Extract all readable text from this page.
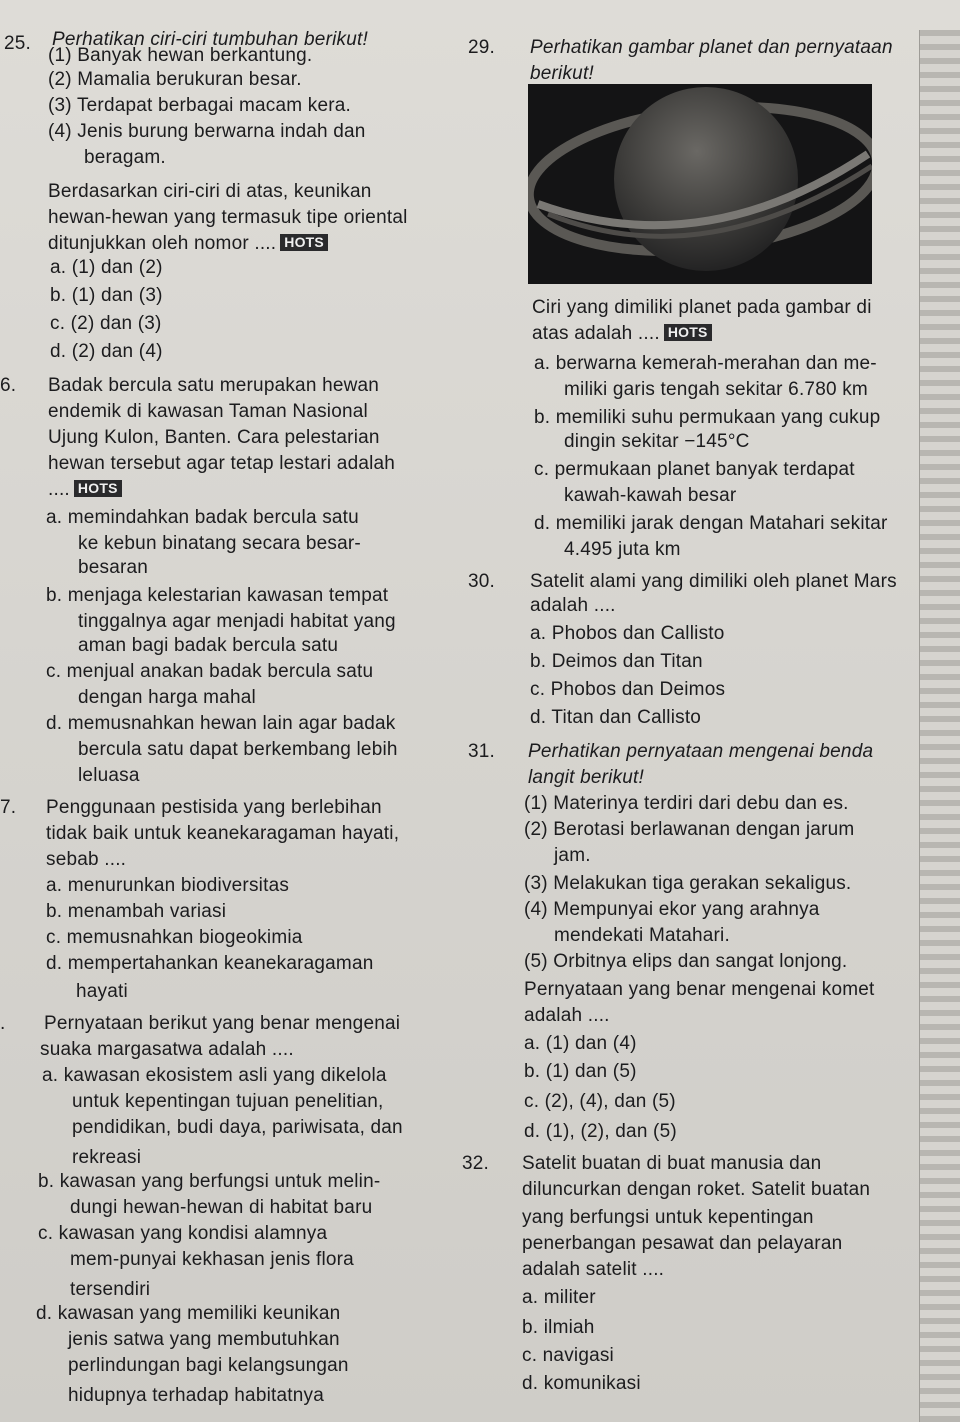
25. Perhatikan ciri-ciri tumbuhan berikut!
(1) Banyak hewan berkantung.
(2) Mamalia berukuran besar.
(3) Terdapat berbagai macam kera.
(4) Jenis burung berwarna indah dan
beragam.
Berdasarkan ciri-ciri di atas, keunikan
hewan-hewan yang termasuk tipe oriental
ditunjukkan oleh nomor .... HOTS
a. (1) dan (2)
b. (1) dan (3)
c. (2) dan (3)
d. (2) dan (4)
6. Badak bercula satu merupakan hewan
endemik di kawasan Taman Nasional
Ujung Kulon, Banten. Cara pelestarian
hewan tersebut agar tetap lestari adalah
.... HOTS
a. memindahkan badak bercula satu
ke kebun binatang secara besar-
besaran
b. menjaga kelestarian kawasan tempat
tinggalnya agar menjadi habitat yang
aman bagi badak bercula satu
c. menjual anakan badak bercula satu
dengan harga mahal
d. memusnahkan hewan lain agar badak
bercula satu dapat berkembang lebih
leluasa
7. Penggunaan pestisida yang berlebihan
tidak baik untuk keanekaragaman hayati,
sebab ....
a. menurunkan biodiversitas
b. menambah variasi
c. memusnahkan biogeokimia
d. mempertahankan keanekaragaman
hayati
. Pernyataan berikut yang benar mengenai
suaka margasatwa adalah ....
a. kawasan ekosistem asli yang dikelola
untuk kepentingan tujuan penelitian,
pendidikan, budi daya, pariwisata, dan
rekreasi
b. kawasan yang berfungsi untuk melin-
dungi hewan-hewan di habitat baru
c. kawasan yang kondisi alamnya
mem-punyai kekhasan jenis flora
tersendiri
d. kawasan yang memiliki keunikan
jenis satwa yang membutuhkan
perlindungan bagi kelangsungan
hidupnya terhadap habitatnya
29. Perhatikan gambar planet dan pernyataan
berikut!
Ciri yang dimiliki planet pada gambar di
atas adalah .... HOTS
a. berwarna kemerah-merahan dan me-
miliki garis tengah sekitar 6.780 km
b. memiliki suhu permukaan yang cukup
dingin sekitar −145°C
c. permukaan planet banyak terdapat
kawah-kawah besar
d. memiliki jarak dengan Matahari sekitar
4.495 juta km
30. Satelit alami yang dimiliki oleh planet Mars
adalah ....
a. Phobos dan Callisto
b. Deimos dan Titan
c. Phobos dan Deimos
d. Titan dan Callisto
31. Perhatikan pernyataan mengenai benda
langit berikut!
(1) Materinya terdiri dari debu dan es.
(2) Berotasi berlawanan dengan jarum
jam.
(3) Melakukan tiga gerakan sekaligus.
(4) Mempunyai ekor yang arahnya
mendekati Matahari.
(5) Orbitnya elips dan sangat lonjong.
Pernyataan yang benar mengenai komet
adalah ....
a. (1) dan (4)
b. (1) dan (5)
c. (2), (4), dan (5)
d. (1), (2), dan (5)
32. Satelit buatan di buat manusia dan
diluncurkan dengan roket. Satelit buatan
yang berfungsi untuk kepentingan
penerbangan pesawat dan pelayaran
adalah satelit ....
a. militer
b. ilmiah
c. navigasi
d. komunikasi
